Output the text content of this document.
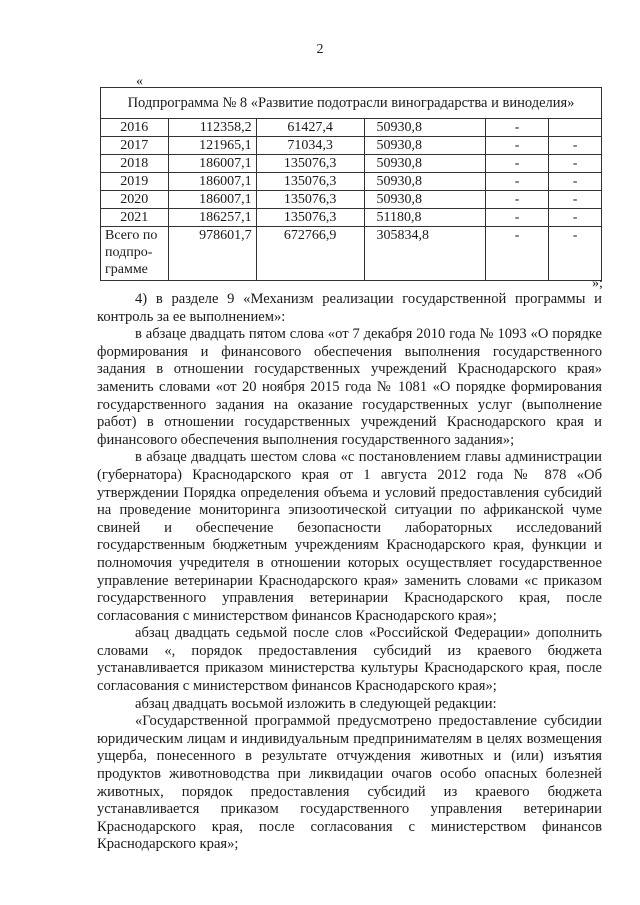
2
«
Подпрограмма № 8 «Развитие подотрасли виноградарства и виноделия»					
2016	112358,2	61427,4	50930,8	-	
2017	121965,1	71034,3	50930,8	-	-
2018	186007,1	135076,3	50930,8	-	-
2019	186007,1	135076,3	50930,8	-	-
2020	186007,1	135076,3	50930,8	-	-
2021	186257,1	135076,3	51180,8	-	-
Всего по подпро-грамме	978601,7	672766,9	305834,8	-	-
»;

4) в разделе 9 «Механизм реализации государственной программы и контроль за ее выполнением»:

в абзаце двадцать пятом слова «от 7 декабря 2010 года № 1093 «О порядке формирования и финансового обеспечения выполнения государственного задания в отношении государственных учреждений Краснодарского края» заменить словами «от 20 ноября 2015 года № 1081 «О порядке формирования государственного задания на оказание государственных услуг (выполнение работ) в отношении государственных учреждений Краснодарского края и финансового обеспечения выполнения государственного задания»;

в абзаце двадцать шестом слова «с постановлением главы администрации (губернатора) Краснодарского края от 1 августа 2012 года № 878 «Об утверждении Порядка определения объема и условий предоставления субсидий на проведение мониторинга эпизоотической ситуации по африканской чуме свиней и обеспечение безопасности лабораторных исследований государственным бюджетным учреждениям Краснодарского края, функции и полномочия учредителя в отношении которых осуществляет государственное управление ветеринарии Краснодарского края» заменить словами «с приказом государственного управления ветеринарии Краснодарского края, после согласования с министерством финансов Краснодарского края»;

абзац двадцать седьмой после слов «Российской Федерации» дополнить словами «, порядок предоставления субсидий из краевого бюджета устанавливается приказом министерства культуры Краснодарского края, после согласования с министерством финансов Краснодарского края»;

абзац двадцать восьмой изложить в следующей редакции:

«Государственной программой предусмотрено предоставление субсидии юридическим лицам и индивидуальным предпринимателям в целях возмещения ущерба, понесенного в результате отчуждения животных и (или) изъятия продуктов животноводства при ликвидации очагов особо опасных болезней животных, порядок предоставления субсидий из краевого бюджета устанавливается приказом государственного управления ветеринарии Краснодарского края, после согласования с министерством финансов Краснодарского края»;
